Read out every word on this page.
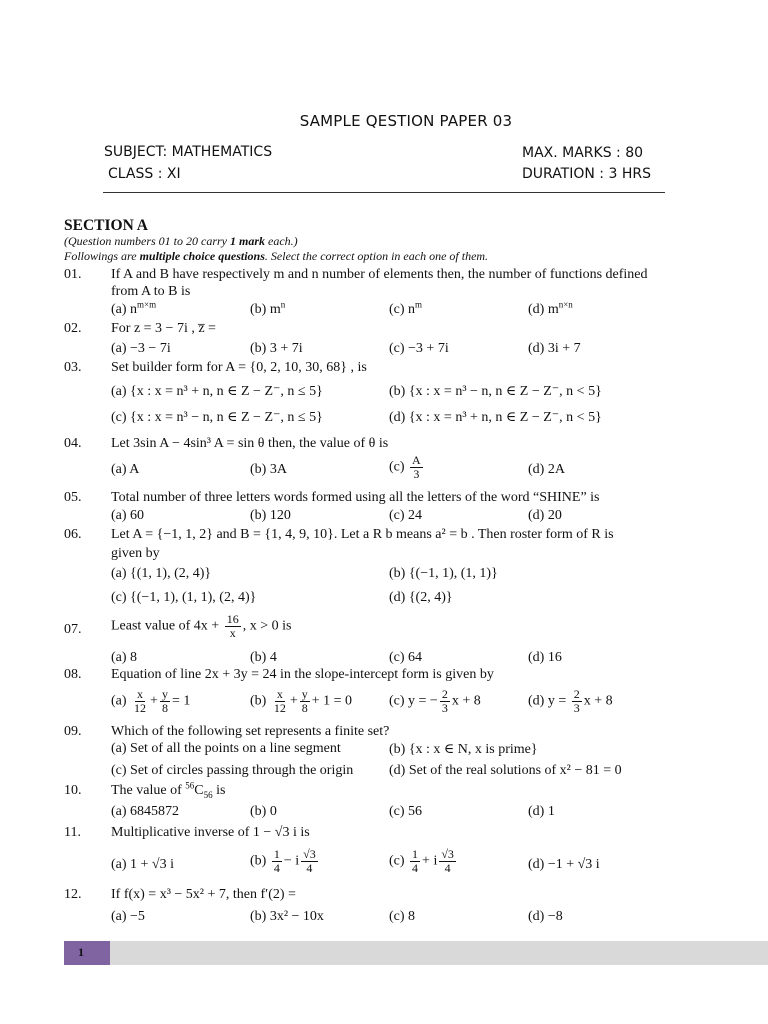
SAMPLE QESTION PAPER 03
SUBJECT: MATHEMATICS	MAX. MARKS : 80
CLASS : XI	DURATION : 3 HRS
SECTION A
(Question numbers 01 to 20 carry 1 mark each.)
Followings are multiple choice questions. Select the correct option in each one of them.
01. If A and B have respectively m and n number of elements then, the number of functions defined
from A to B is
(a) $n^{m\times m}$	(b) $m^n$	(c) $n^m$	(d) $m^{n\times n}$
02. For z = 3 − 7i , z̅ =
(a) −3 − 7i	(b) 3 + 7i	(c) −3 + 7i	(d) 3i + 7
03. Set builder form for A = {0, 2, 10, 30, 68} , is
(a) {x : x = n³ + n, n ∈ Z − Z⁻, n ≤ 5}	(b) {x : x = n³ − n, n ∈ Z − Z⁻, n < 5}
(c) {x : x = n³ − n, n ∈ Z − Z⁻, n ≤ 5}	(d) {x : x = n³ + n, n ∈ Z − Z⁻, n < 5}
04. Let 3sin A − 4sin³ A = sin θ then, the value of θ is
(a) A	(b) 3A	$(c) \frac{A}{3}$	(d) 2A
05. Total number of three letters words formed using all the letters of the word “SHINE” is
(a) 60	(b) 120	(c) 24	(d) 20
06. Let A = {−1, 1, 2} and B = {1, 4, 9, 10}. Let a R b means a² = b . Then roster form of R is
given by
(a) {(1, 1), (2, 4)}	(b) {(−1, 1), (1, 1)}
(c) {(−1, 1), (1, 1), (2, 4)}	(d) {(2, 4)}
07. Least value of $4x + \frac{16}{x}$ , x > 0 is
(a) 8	(b) 4	(c) 64	(d) 16
08. Equation of line 2x + 3y = 24 in the slope-intercept form is given by
$(a) \frac{x}{12} + \frac{y}{8} = 1$	$(b) \frac{x}{12} + \frac{y}{8} + 1 = 0$	(c) y = − $\frac{2}{3}$ x + 8	(d) $y = \frac{2}{3}$ x + 8
09. Which of the following set represents a finite set?
(a) Set of all the points on a line segment	(b) {x : x ∈ N, x is prime}
(c) Set of circles passing through the origin	(d) Set of the real solutions of x² − 81 = 0
10. The value of $^{56}C_{56}$ is
(a) 6845872	(b) 0	(c) 56	(d) 1
11. Multiplicative inverse of 1 − √3 i is
(a) 1 + √3 i	$(b) \frac{1}{4} - i \frac{√3}{4}$	$(c) \frac{1}{4} + i \frac{√3}{4}$	(d) −1 + √3 i
12. If f(x) = x³ − 5x² + 7, then f′(2) =
(a) −5	(b) 3x² − 10x	(c) 8	(d) −8
1
